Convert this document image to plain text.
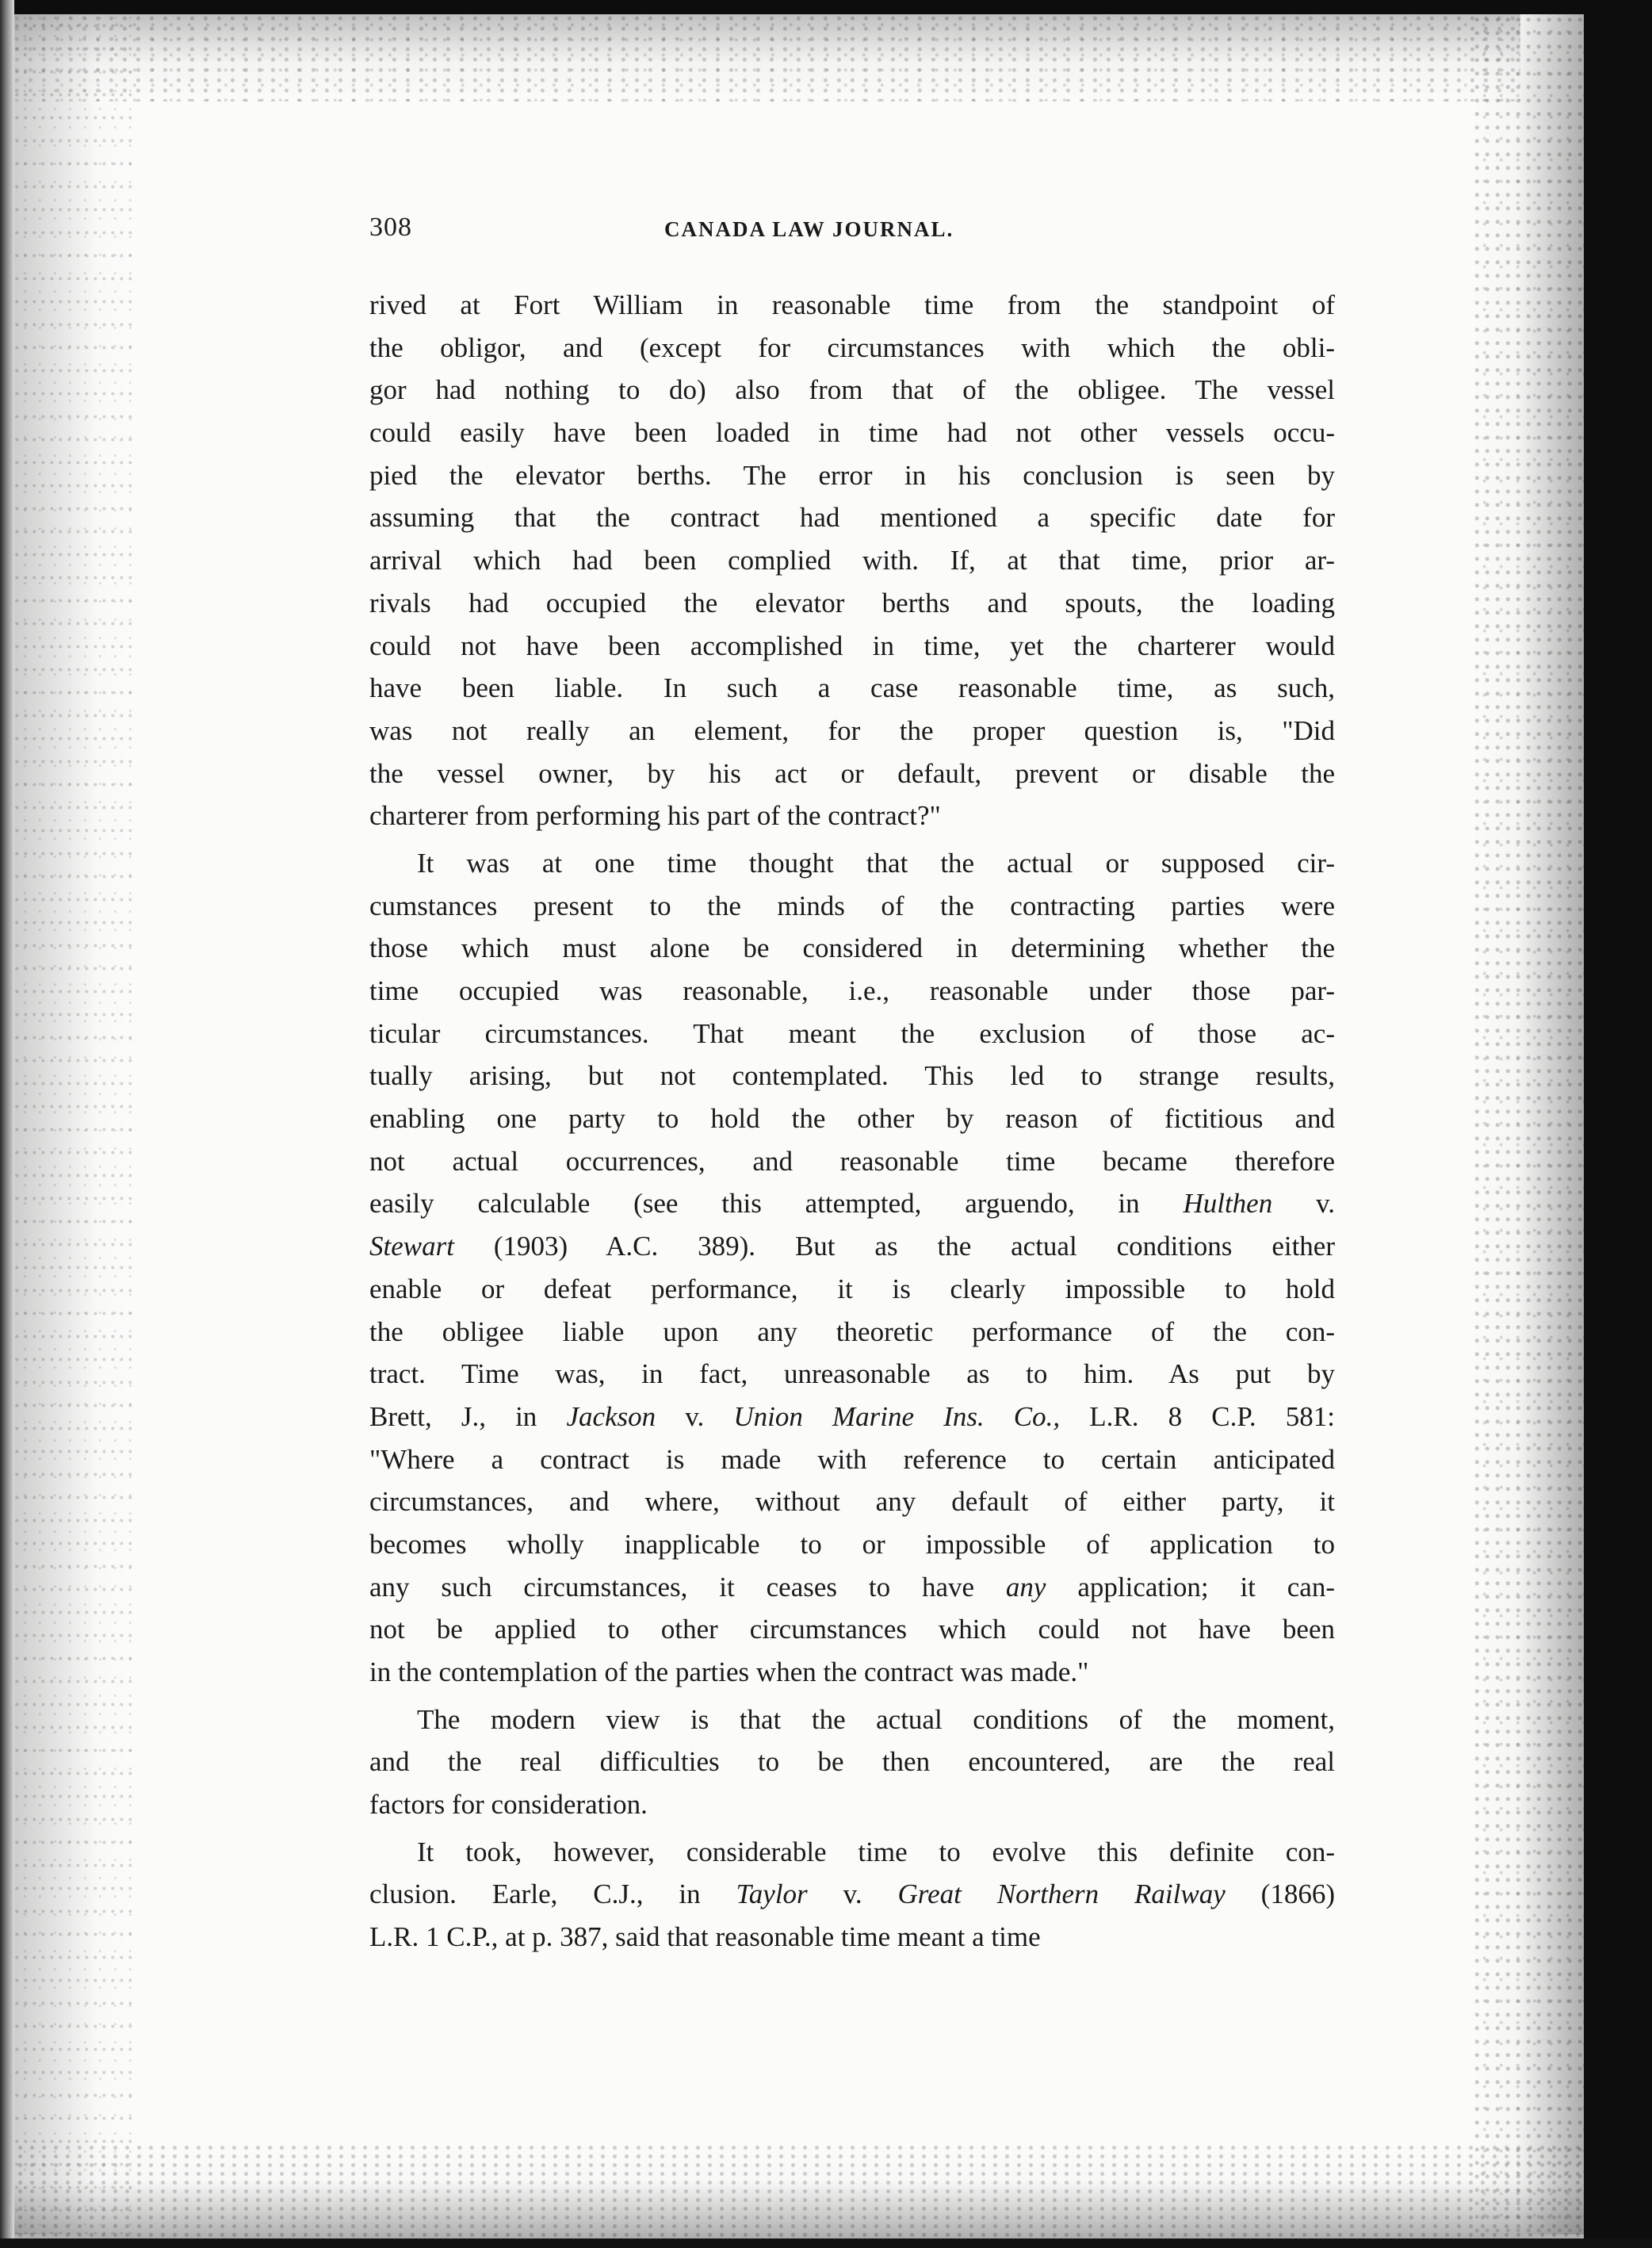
308	CANADA LAW JOURNAL.
rived at Fort William in reasonable time from the standpoint of
the obligor, and (except for circumstances with which the obli-
gor had nothing to do) also from that of the obligee. The vessel
could easily have been loaded in time had not other vessels occu-
pied the elevator berths. The error in his conclusion is seen by
assuming that the contract had mentioned a specific date for
arrival which had been complied with. If, at that time, prior ar-
rivals had occupied the elevator berths and spouts, the loading
could not have been accomplished in time, yet the charterer would
have been liable. In such a case reasonable time, as such,
was not really an element, for the proper question is, "Did
the vessel owner, by his act or default, prevent or disable the
charterer from performing his part of the contract?"
It was at one time thought that the actual or supposed cir-
cumstances present to the minds of the contracting parties were
those which must alone be considered in determining whether the
time occupied was reasonable, i.e., reasonable under those par-
ticular circumstances. That meant the exclusion of those ac-
tually arising, but not contemplated. This led to strange results,
enabling one party to hold the other by reason of fictitious and
not actual occurrences, and reasonable time became therefore
easily calculable (see this attempted, arguendo, in Hulthen v.
Stewart (1903) A.C. 389). But as the actual conditions either
enable or defeat performance, it is clearly impossible to hold
the obligee liable upon any theoretic performance of the con-
tract. Time was, in fact, unreasonable as to him. As put by
Brett, J., in Jackson v. Union Marine Ins. Co., L.R. 8 C.P. 581:
"Where a contract is made with reference to certain anticipated
circumstances, and where, without any default of either party, it
becomes wholly inapplicable to or impossible of application to
any such circumstances, it ceases to have any application; it can-
not be applied to other circumstances which could not have been
in the contemplation of the parties when the contract was made."
The modern view is that the actual conditions of the moment,
and the real difficulties to be then encountered, are the real
factors for consideration.
It took, however, considerable time to evolve this definite con-
clusion. Earle, C.J., in Taylor v. Great Northern Railway (1866)
L.R. 1 C.P., at p. 387, said that reasonable time meant a time
